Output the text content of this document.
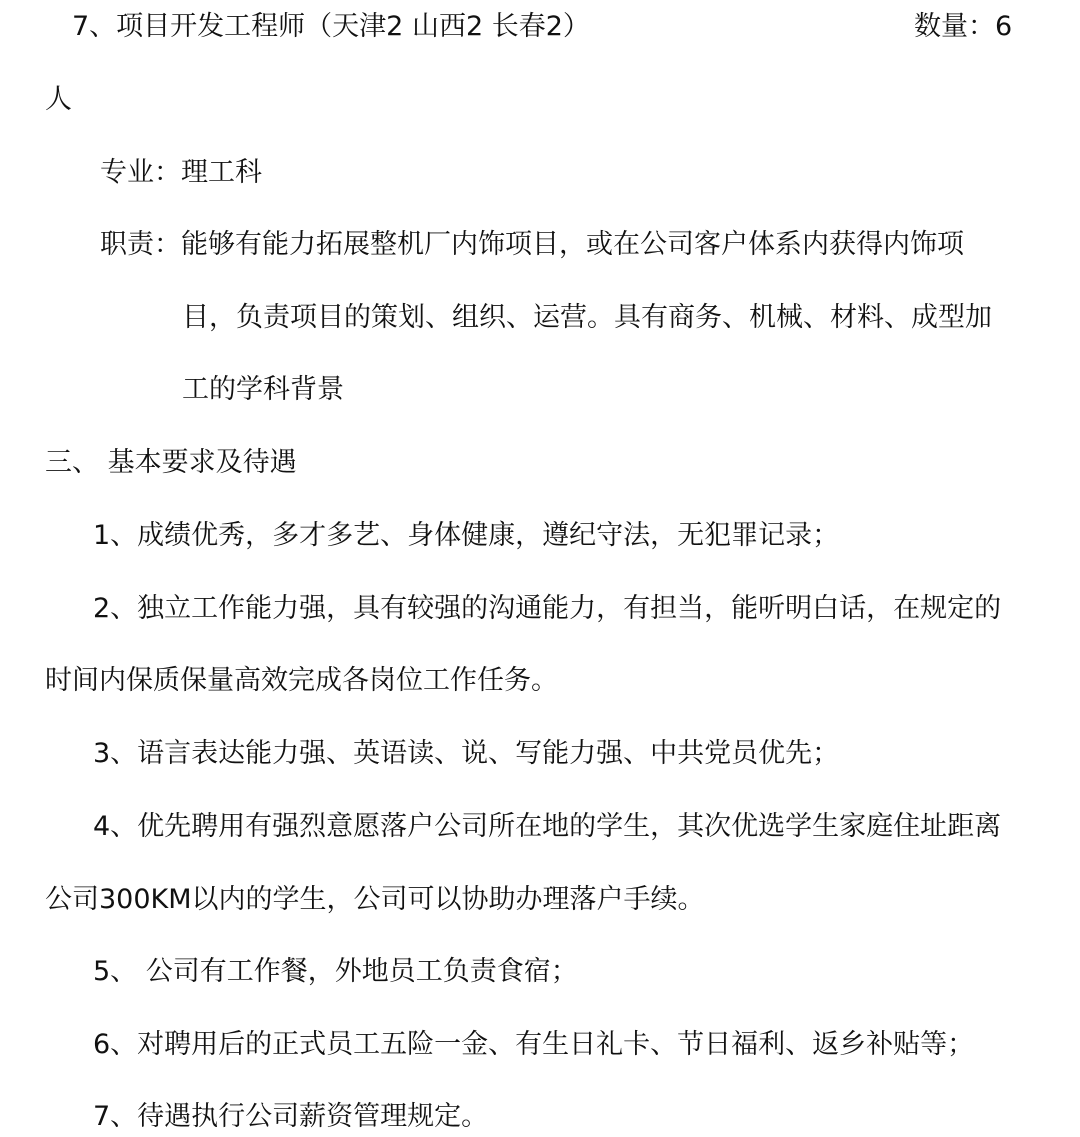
7、项目开发工程师（天津2 山西2 长春2）	数量：6
人
专业：理工科
职责：能够有能力拓展整机厂内饰项目，或在公司客户体系内获得内饰项
目，负责项目的策划、组织、运营。具有商务、机械、材料、成型加
工的学科背景
三、 基本要求及待遇
1、成绩优秀，多才多艺、身体健康，遵纪守法，无犯罪记录；
2、独立工作能力强，具有较强的沟通能力，有担当，能听明白话，在规定的
时间内保质保量高效完成各岗位工作任务。
3、语言表达能力强、英语读、说、写能力强、中共党员优先；
4、优先聘用有强烈意愿落户公司所在地的学生，其次优选学生家庭住址距离
公司300KM以内的学生，公司可以协助办理落户手续。
5、 公司有工作餐，外地员工负责食宿；
6、对聘用后的正式员工五险一金、有生日礼卡、节日福利、返乡补贴等；
7、待遇执行公司薪资管理规定。
